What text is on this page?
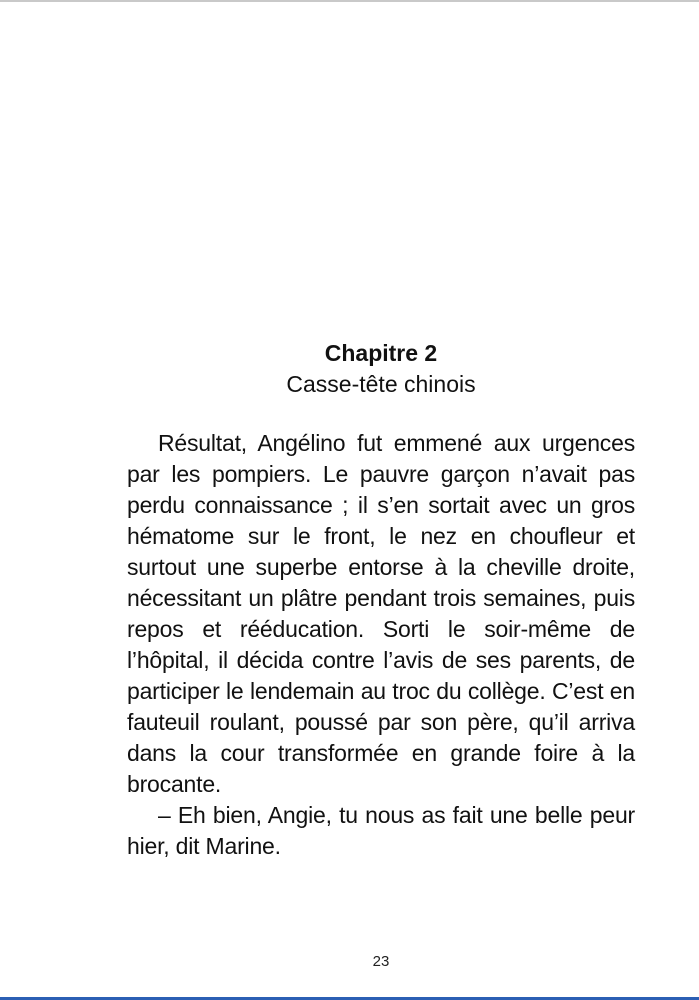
Chapitre 2
Casse-tête chinois

Résultat, Angélino fut emmené aux urgences par les pompiers. Le pauvre garçon n’avait pas perdu connaissance ; il s’en sortait avec un gros hématome sur le front, le nez en choufleur et surtout une superbe entorse à la cheville droite, nécessitant un plâtre pendant trois semaines, puis repos et rééducation. Sorti le soir-même de l’hôpital, il décida contre l’avis de ses parents, de participer le lendemain au troc du collège. C’est en fauteuil roulant, poussé par son père, qu’il arriva dans la cour transformée en grande foire à la brocante.

– Eh bien, Angie, tu nous as fait une belle peur hier, dit Marine.

23
